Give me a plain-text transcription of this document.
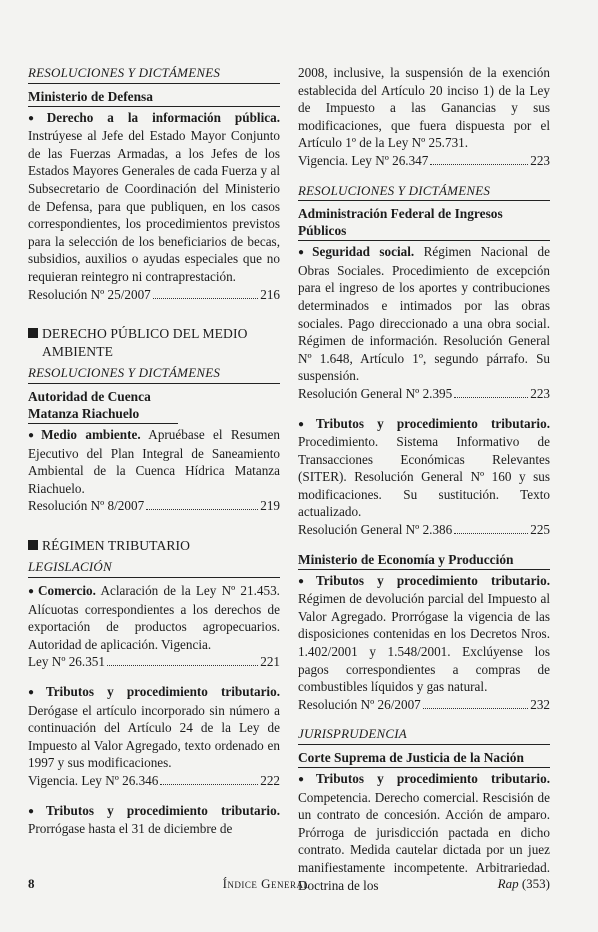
RESOLUCIONES Y DICTÁMENES
Ministerio de Defensa
● Derecho a la información pública. Instrúyese al Jefe del Estado Mayor Conjunto de las Fuerzas Armadas, a los Jefes de los Estados Mayores Generales de cada Fuerza y al Subsecretario de Coordinación del Ministerio de Defensa, para que publiquen, en los casos correspondientes, los procedimientos previstos para la selección de los beneficiarios de becas, subsidios, auxilios o ayudas especiales que no requieran reintegro ni contraprestación.
Resolución Nº 25/2007	216
DERECHO PÚBLICO DEL MEDIO AMBIENTE
RESOLUCIONES Y DICTÁMENES
Autoridad de Cuenca Matanza Riachuelo
● Medio ambiente. Apruébase el Resumen Ejecutivo del Plan Integral de Saneamiento Ambiental de la Cuenca Hídrica Matanza Riachuelo.
Resolución Nº 8/2007	219
RÉGIMEN TRIBUTARIO
LEGISLACIÓN
● Comercio. Aclaración de la Ley Nº 21.453. Alícuotas correspondientes a los derechos de exportación de productos agropecuarios. Autoridad de aplicación. Vigencia.
Ley Nº 26.351	221
● Tributos y procedimiento tributario. Derógase el artículo incorporado sin número a continuación del Artículo 24 de la Ley de Impuesto al Valor Agregado, texto ordenado en 1997 y sus modificaciones.
Vigencia. Ley Nº 26.346	222
● Tributos y procedimiento tributario. Prorrógase hasta el 31 de diciembre de
2008, inclusive, la suspensión de la exención establecida del Artículo 20 inciso 1) de la Ley de Impuesto a las Ganancias y sus modificaciones, que fuera dispuesta por el Artículo 1º de la Ley Nº 25.731.
Vigencia. Ley Nº 26.347	223
RESOLUCIONES Y DICTÁMENES
Administración Federal de Ingresos Públicos
● Seguridad social. Régimen Nacional de Obras Sociales. Procedimiento de excepción para el ingreso de los aportes y contribuciones determinados e intimados por las obras sociales. Pago direccionado a una obra social. Régimen de información. Resolución General Nº 1.648, Artículo 1º, segundo párrafo. Su suspensión.
Resolución General Nº 2.395	223
● Tributos y procedimiento tributario. Procedimiento. Sistema Informativo de Transacciones Económicas Relevantes (SITER). Resolución General Nº 160 y sus modificaciones. Su sustitución. Texto actualizado.
Resolución General Nº 2.386	225
Ministerio de Economía y Producción
● Tributos y procedimiento tributario. Régimen de devolución parcial del Impuesto al Valor Agregado. Prorrógase la vigencia de las disposiciones contenidas en los Decretos Nros. 1.402/2001 y 1.548/2001. Exclúyense los pagos correspondientes a compras de combustibles líquidos y gas natural.
Resolución Nº 26/2007	232
JURISPRUDENCIA
Corte Suprema de Justicia de la Nación
● Tributos y procedimiento tributario. Competencia. Derecho comercial. Rescisión de un contrato de concesión. Acción de amparo. Prórroga de jurisdicción pactada en dicho contrato. Medida cautelar dictada por un juez manifiestamente incompetente. Arbitrariedad. Doctrina de los
8	Índice General	Rap (353)
